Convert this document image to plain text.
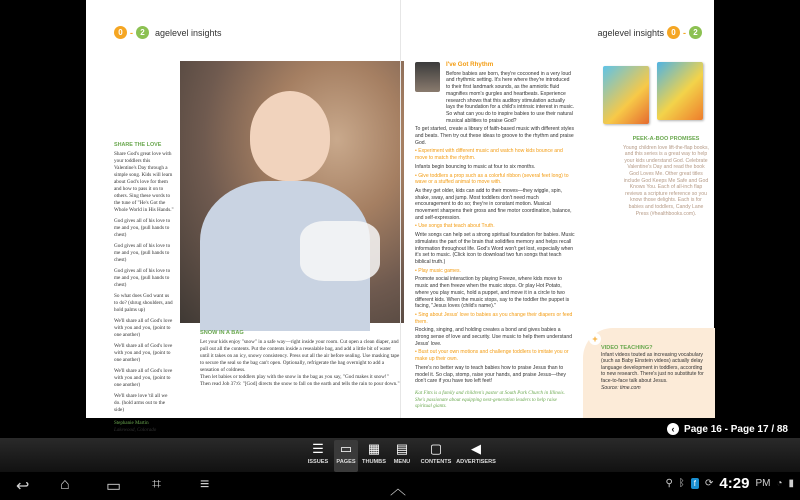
0 - 2	agelevel insights
SHARE THE LOVE

Share God's great love with your toddlers this Valentine's Day through a simple song. Kids will learn about God's love for them and how to pass it on to others. Sing these words to the tune of "He's Got the Whole World in His Hands."

God gives all of his love to me and you, (pull hands to chest)

God gives all of his love to me and you, (pull hands to chest)

God gives all of his love to me and you, (pull hands to chest)

So what does God want us to do? (shrug shoulders, and hold palms up)

We'll share all of God's love with you and you, (point to one another)

We'll share all of God's love with you and you, (point to one another)

We'll share all of God's love with you and you, (point to one another)

We'll share love 'til all we do. (hold arms out to the side)

Stephanie Martin
Lakewood, Colorado
SNOW IN A BAG

Let your kids enjoy "snow" in a safe way—right inside your room. Cut open a clean diaper, and pull out all the contents. Put the contents inside a resealable bag, and add a little bit of water until it takes on an icy, snowy consistency. Press out all the air before sealing. Use masking tape to secure the seal so the bag can't open. Optionally, refrigerate the bag overnight to add a sensation of coldness.

Then let babies or toddlers play with the snow in the bag as you say, "God makes it snow!" Then read Job 37:6: "[God] directs the snow to fall on the earth and tells the rain to pour down."

agelevel insights 0 - 2
I've Got Rhythm

Before babies are born, they're cocooned in a very loud and rhythmic setting. It's here where they're introduced to their first landmark sounds, as the amniotic fluid magnifies mom's gurgles and heartbeats. Experience research shows that this auditory stimulation actually lays the foundation for a child's intrinsic interest in music. So what can you do to inspire babies to use their natural musical abilities to praise God?

To get started, create a library of faith-based music with different styles and beats. Then try out these ideas to groove to the rhythm and praise God.

• Experiment with different music and watch how kids bounce and move to match the rhythm.

Infants begin bouncing to music at four to six months.

• Give toddlers a prop such as a colorful ribbon (several feet long) to wave or a stuffed animal to move with.

As they get older, kids can add to their moves—they wiggle, spin, shake, sway, and jump. Most toddlers don't need much encouragement to do so; they're in constant motion. Musical movement sharpens their gross and fine motor coordination, balance, and self-expression.

• Use songs that teach about Truth.

Write songs can help set a strong spiritual foundation for babies. Music stimulates the part of the brain that solidifies memory and helps recall information throughout life. God's Word won't get lost, especially when it's set to music. (Click icon to download two fun songs that teach biblical truth.)

• Play music games.

Promote social interaction by playing Freeze, where kids move to music and then freeze when the music stops. Or play Hot Potato, where you play music, hold a puppet, and move it in a circle to two different kids. When the music stops, say to the toddler the puppet is facing, "Jesus loves (child's name)."

• Sing about Jesus' love to babies as you change their diapers or feed them.

Rocking, singing, and holding creates a bond and gives babies a strong sense of love and security. Use music to help them understand Jesus' love.

• Bust out your own motions and challenge toddlers to imitate you or make up their own.

There's no better way to teach babies how to praise Jesus than to model it. So clap, stomp, raise your hands, and praise Jesus—they don't care if you have two left feet!

Kat Fitts is a family and children's pastor at South Park Church in Illinois. She's passionate about equipping next-generation leaders to help raise spiritual giants.

PEEK-A-BOO PROMISES

Young children love lift-the-flap books, and this series is a great way to help your kids understand God. Celebrate Valentine's Day and read the book God Loves Me. Other great titles include God Keeps Me Safe and God Knows You. Each of all-inch flap reviews a scripture reference so you know those delights. Each is for babies and toddlers, Candy Lane Press (#healthbooks.com).

+
VIDEO TEACHING?

Infant videos touted as increasing vocabulary (such as Baby Einstein videos) actually delay language development in toddlers, according to new research. There's just no substitute for face-to-face talk about Jesus.

Source: time.com

‹ Page 16 - Page 17 / 88
☰
ISSUES
▭
PAGES
▦
THUMBS
▤
MENU
▢
CONTENTS
◀
ADVERTISERS
↩ ⌂ ▭ ⌗ ≡	︿	⚲ ᛒ	f ⟳ 4:29 PM ◔ ▮
